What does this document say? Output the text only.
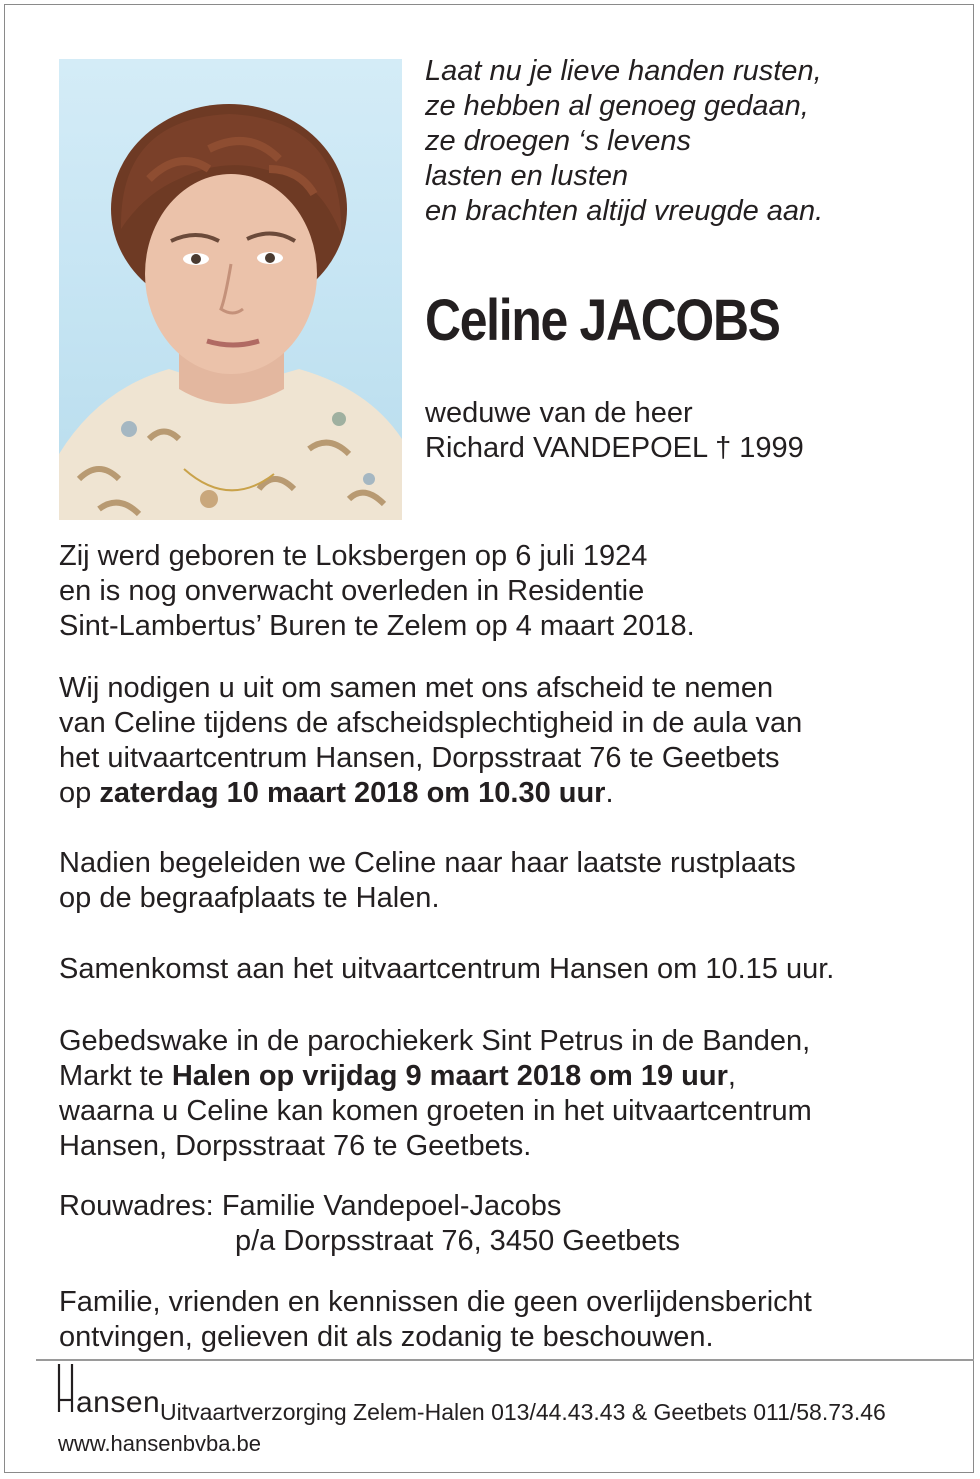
Laat nu je lieve handen rusten,
ze hebben al genoeg gedaan,
ze droegen ‘s levens
lasten en lusten
en brachten altijd vreugde aan.
Celine JACOBS
weduwe van de heer
Richard VANDEPOEL † 1999
Zij werd geboren te Loksbergen op 6 juli 1924
en is nog onverwacht overleden in Residentie
Sint-Lambertus’ Buren te Zelem op 4 maart 2018.
Wij nodigen u uit om samen met ons afscheid te nemen
van Celine tijdens de afscheidsplechtigheid in de aula van
het uitvaartcentrum Hansen, Dorpsstraat 76 te Geetbets
op zaterdag 10 maart 2018 om 10.30 uur.
Nadien begeleiden we Celine naar haar laatste rustplaats
op de begraafplaats te Halen.
Samenkomst aan het uitvaartcentrum Hansen om 10.15 uur.
Gebedswake in de parochiekerk Sint Petrus in de Banden,
Markt te Halen op vrijdag 9 maart 2018 om 19 uur,
waarna u Celine kan komen groeten in het uitvaartcentrum
Hansen, Dorpsstraat 76 te Geetbets.
Rouwadres: Familie Vandepoel-Jacobs
p/a Dorpsstraat 76, 3450 Geetbets
Familie, vrienden en kennissen die geen overlijdensbericht
ontvingen, gelieven dit als zodanig te beschouwen.
ansen Uitvaartverzorging Zelem-Halen 013/44.43.43 & Geetbets 011/58.73.46
www.hansenbvba.be
